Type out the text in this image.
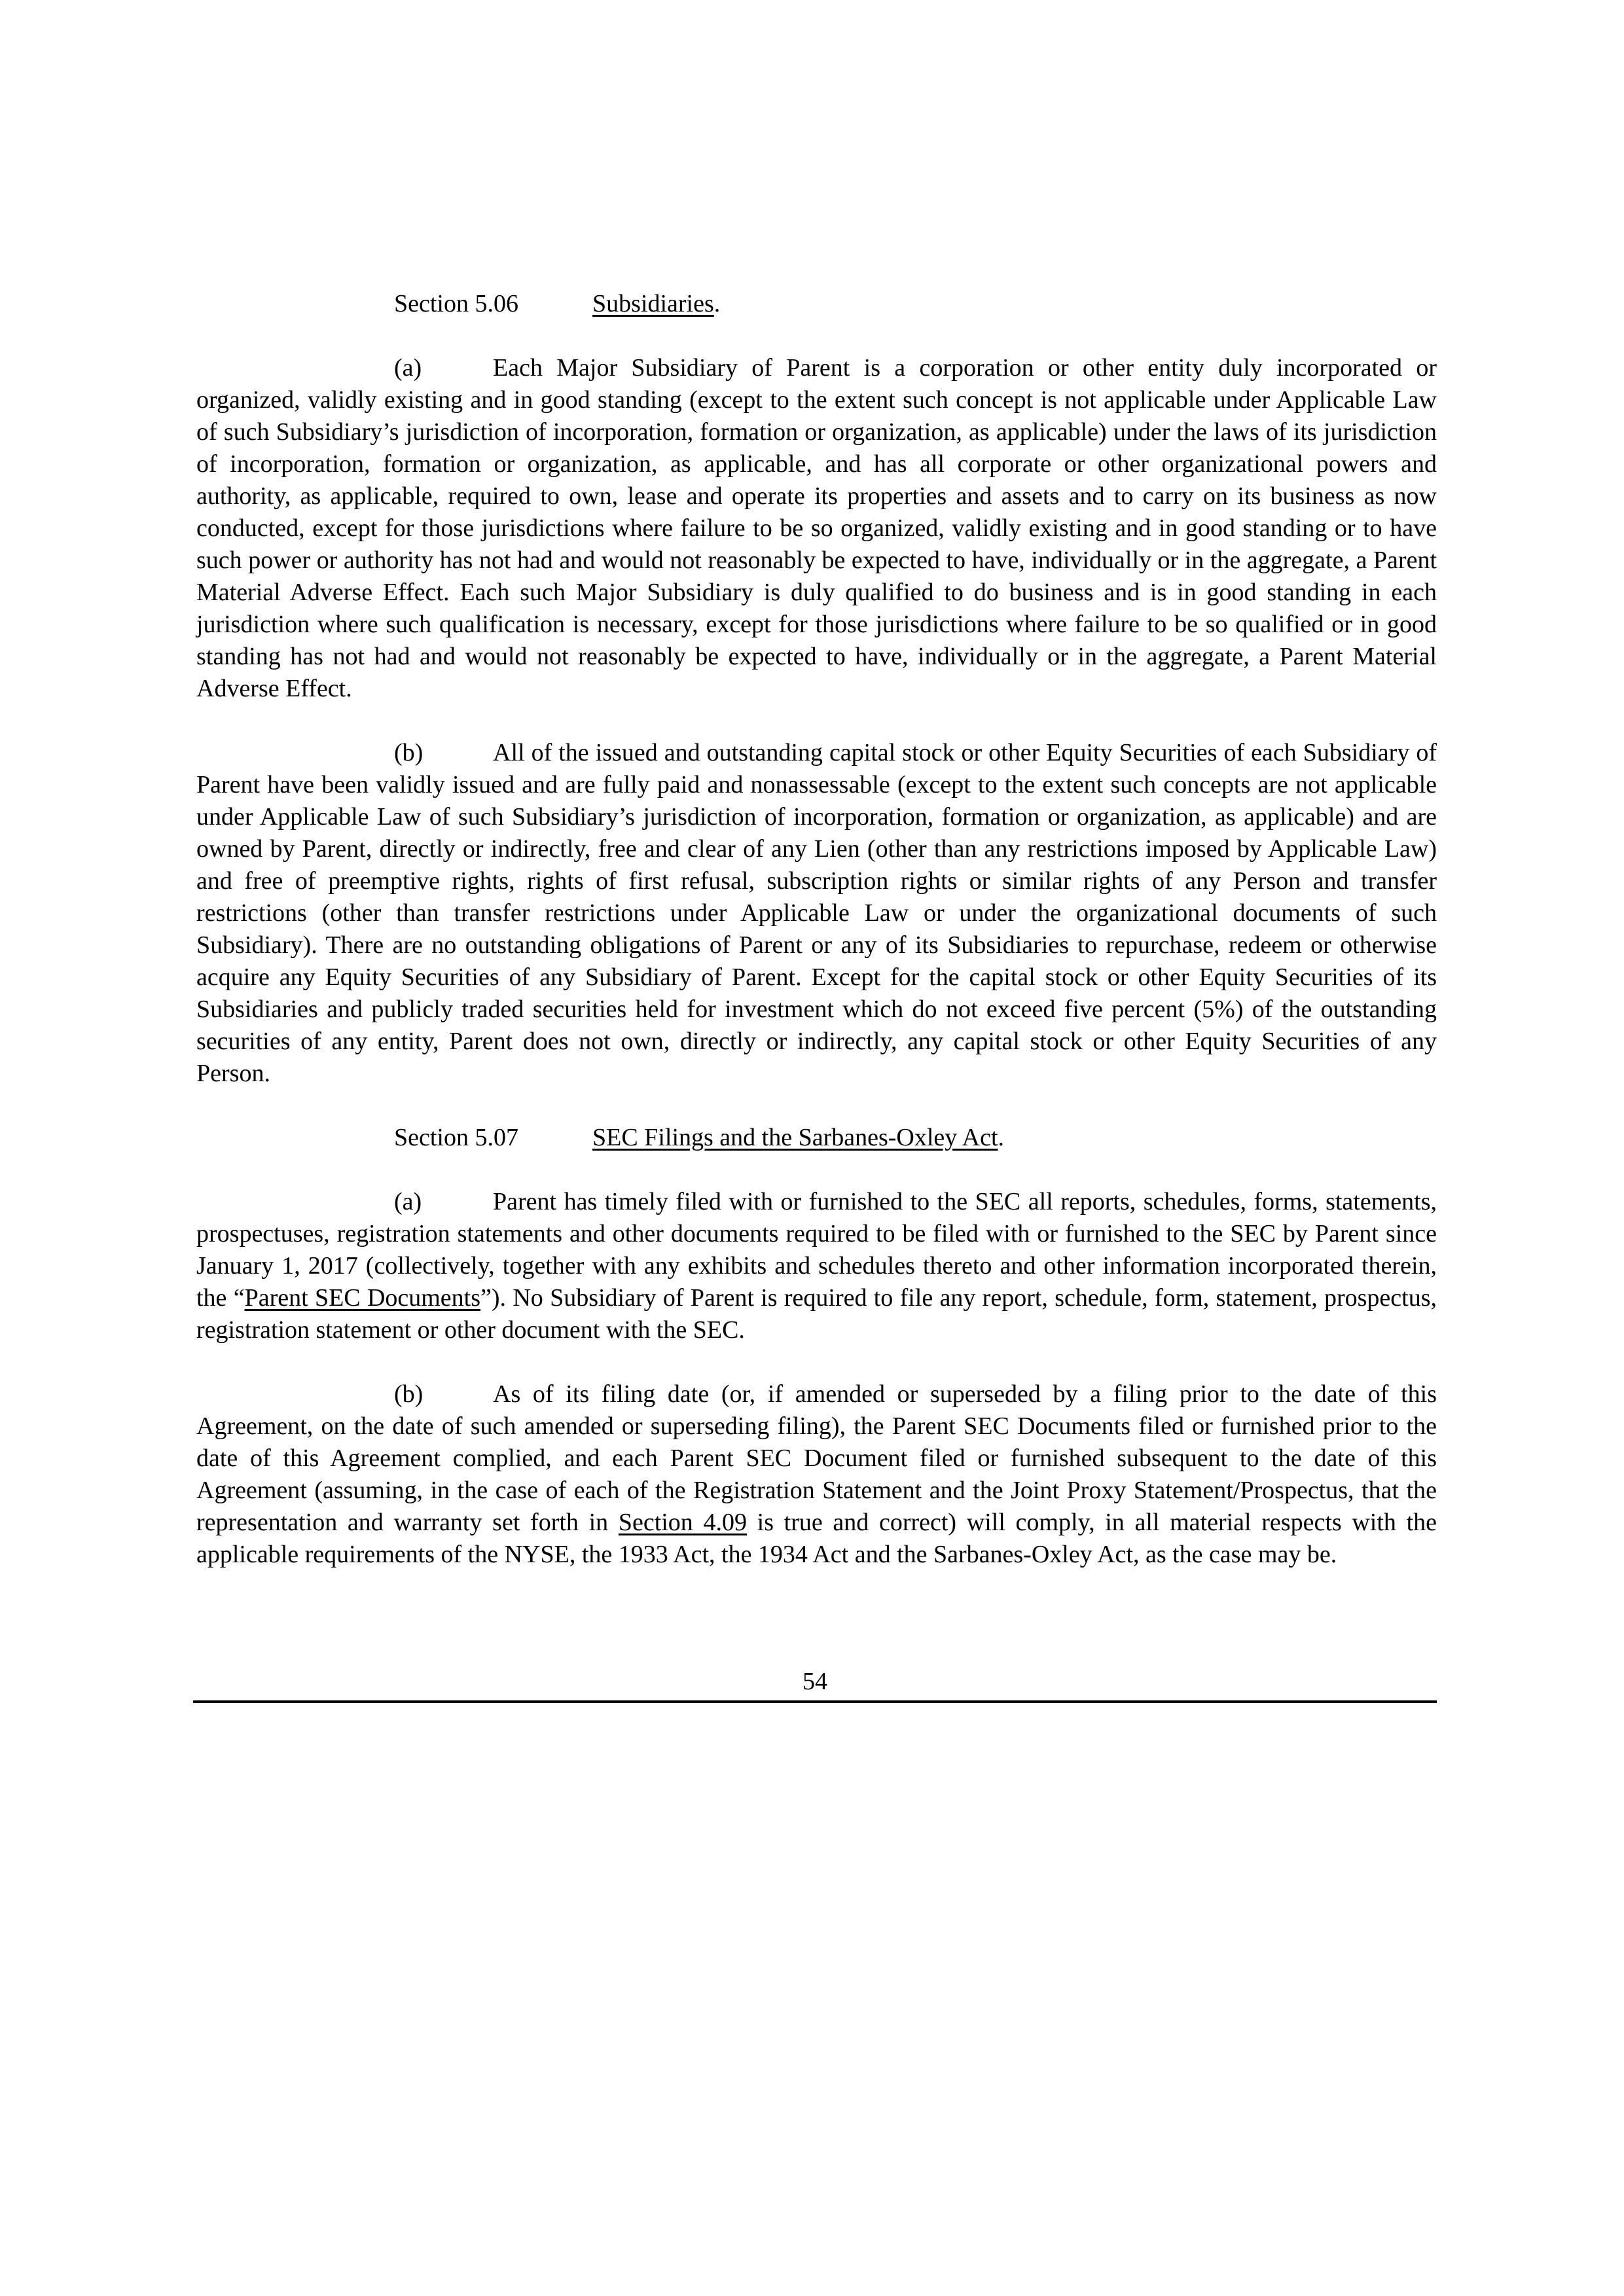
Section 5.06	Subsidiaries.

(a)	Each Major Subsidiary of Parent is a corporation or other entity duly incorporated or organized, validly existing and in good standing (except to the extent such concept is not applicable under Applicable Law of such Subsidiary’s jurisdiction of incorporation, formation or organization, as applicable) under the laws of its jurisdiction of incorporation, formation or organization, as applicable, and has all corporate or other organizational powers and authority, as applicable, required to own, lease and operate its properties and assets and to carry on its business as now conducted, except for those jurisdictions where failure to be so organized, validly existing and in good standing or to have such power or authority has not had and would not reasonably be expected to have, individually or in the aggregate, a Parent Material Adverse Effect. Each such Major Subsidiary is duly qualified to do business and is in good standing in each jurisdiction where such qualification is necessary, except for those jurisdictions where failure to be so qualified or in good standing has not had and would not reasonably be expected to have, individually or in the aggregate, a Parent Material Adverse Effect.

(b)	All of the issued and outstanding capital stock or other Equity Securities of each Subsidiary of Parent have been validly issued and are fully paid and nonassessable (except to the extent such concepts are not applicable under Applicable Law of such Subsidiary’s jurisdiction of incorporation, formation or organization, as applicable) and are owned by Parent, directly or indirectly, free and clear of any Lien (other than any restrictions imposed by Applicable Law) and free of preemptive rights, rights of first refusal, subscription rights or similar rights of any Person and transfer restrictions (other than transfer restrictions under Applicable Law or under the organizational documents of such Subsidiary). There are no outstanding obligations of Parent or any of its Subsidiaries to repurchase, redeem or otherwise acquire any Equity Securities of any Subsidiary of Parent. Except for the capital stock or other Equity Securities of its Subsidiaries and publicly traded securities held for investment which do not exceed five percent (5%) of the outstanding securities of any entity, Parent does not own, directly or indirectly, any capital stock or other Equity Securities of any Person.

Section 5.07	SEC Filings and the Sarbanes-Oxley Act.

(a)	Parent has timely filed with or furnished to the SEC all reports, schedules, forms, statements, prospectuses, registration statements and other documents required to be filed with or furnished to the SEC by Parent since January 1, 2017 (collectively, together with any exhibits and schedules thereto and other information incorporated therein, the “Parent SEC Documents”). No Subsidiary of Parent is required to file any report, schedule, form, statement, prospectus, registration statement or other document with the SEC.

(b)	As of its filing date (or, if amended or superseded by a filing prior to the date of this Agreement, on the date of such amended or superseding filing), the Parent SEC Documents filed or furnished prior to the date of this Agreement complied, and each Parent SEC Document filed or furnished subsequent to the date of this Agreement (assuming, in the case of each of the Registration Statement and the Joint Proxy Statement/Prospectus, that the representation and warranty set forth in Section 4.09 is true and correct) will comply, in all material respects with the applicable requirements of the NYSE, the 1933 Act, the 1934 Act and the Sarbanes-Oxley Act, as the case may be.

54
